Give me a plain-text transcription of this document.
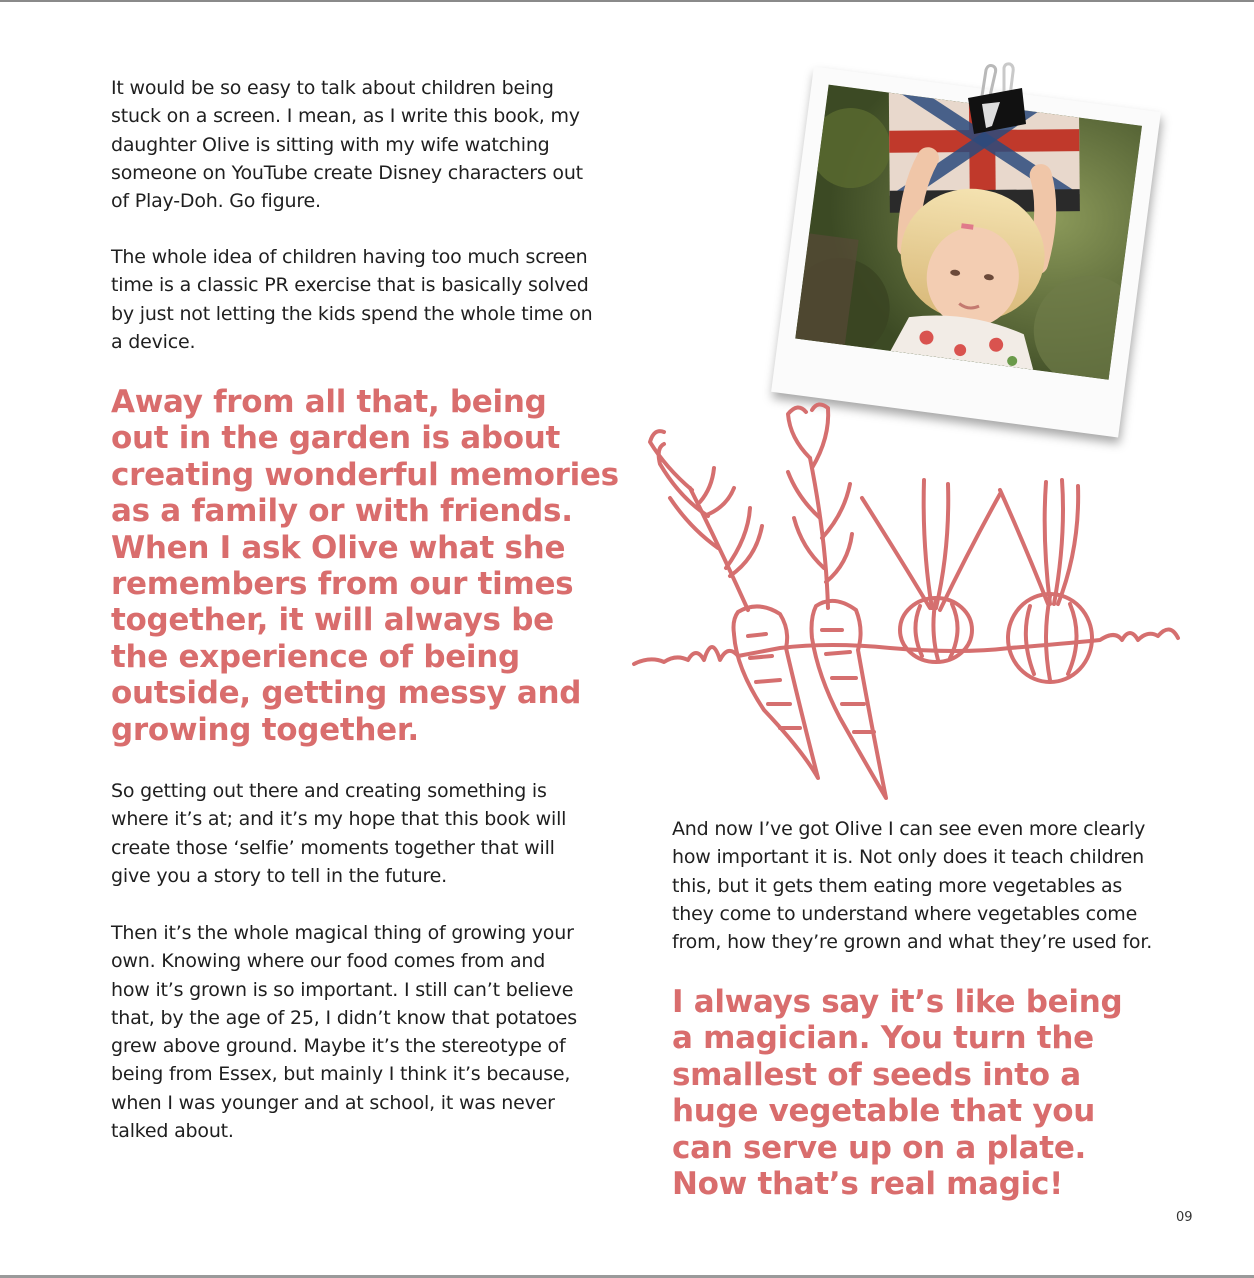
It would be so easy to talk about children being
stuck on a screen. I mean, as I write this book, my
daughter Olive is sitting with my wife watching
someone on YouTube create Disney characters out
of Play-Doh. Go figure.

The whole idea of children having too much screen
time is a classic PR exercise that is basically solved
by just not letting the kids spend the whole time on
a device.

Away from all that, being
out in the garden is about
creating wonderful memories
as a family or with friends.
When I ask Olive what she
remembers from our times
together, it will always be
the experience of being
outside, getting messy and
growing together.

So getting out there and creating something is
where it’s at; and it’s my hope that this book will
create those ‘selfie’ moments together that will
give you a story to tell in the future.

Then it’s the whole magical thing of growing your
own. Knowing where our food comes from and
how it’s grown is so important. I still can’t believe
that, by the age of 25, I didn’t know that potatoes
grew above ground. Maybe it’s the stereotype of
being from Essex, but mainly I think it’s because,
when I was younger and at school, it was never
talked about.

And now I’ve got Olive I can see even more clearly
how important it is. Not only does it teach children
this, but it gets them eating more vegetables as
they come to understand where vegetables come
from, how they’re grown and what they’re used for.

I always say it’s like being
a magician. You turn the
smallest of seeds into a
huge vegetable that you
can serve up on a plate.
Now that’s real magic!

09
